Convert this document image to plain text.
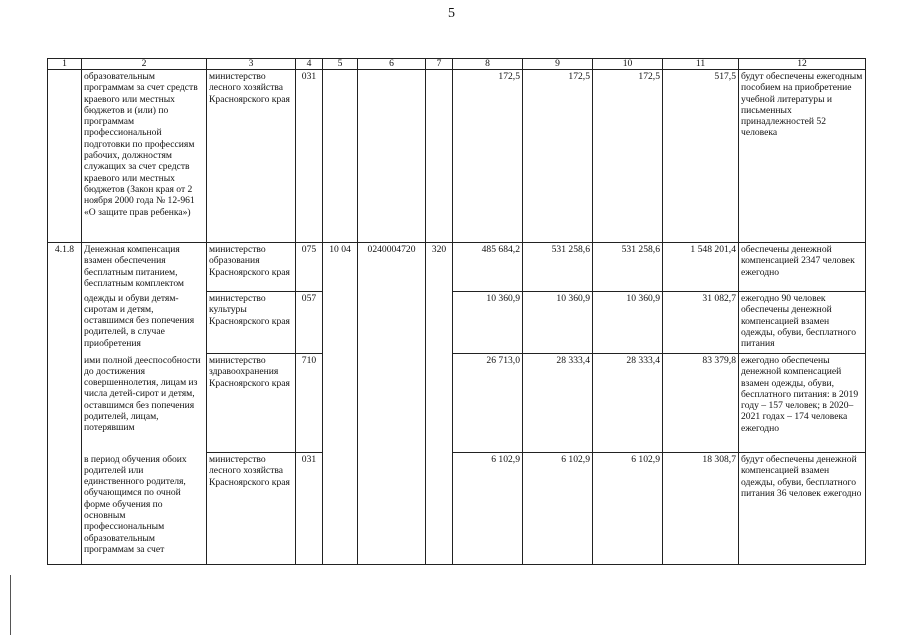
5
1	2	3	4	5	6	7	8	9	10	11	12
	образовательным программам за счет средств краевого или местных бюджетов и (или) по программам профессиональной подготовки по профессиям рабочих, должностям служащих за счет средств краевого или местных бюджетов (Закон края от 2 ноября 2000 года № 12-961 «О защите прав ребенка»)	министерство лесного хозяйства Красноярского края	031				172,5	172,5	172,5	517,5	будут обеспечены ежегодным пособием на приобретение учебной литературы и письменных принадлежностей 52 человека
4.1.8	Денежная компенсация взамен обеспечения бесплатным питанием, бесплатным комплектом	министерство образования Красноярского края	075	10 04	0240004720	320	485 684,2	531 258,6	531 258,6	1 548 201,4	обеспечены денежной компенсацией 2347 человек ежегодно
	одежды и обуви детям-сиротам и детям, оставшимся без попечения родителей, в случае приобретения	министерство культуры Красноярского края	057				10 360,9	10 360,9	10 360,9	31 082,7	ежегодно 90 человек обеспечены денежной компенсацией взамен одежды, обуви, бесплатного питания
	ими полной дееспособности до достижения совершеннолетия, лицам из числа детей-сирот и детям, оставшимся без попечения родителей, лицам, потерявшим	министерство здравоохранения Красноярского края	710				26 713,0	28 333,4	28 333,4	83 379,8	ежегодно обеспечены денежной компенсацией взамен одежды, обуви, бесплатного питания: в 2019 году – 157 человек; в 2020–2021 годах – 174 человека ежегодно
	в период обучения обоих родителей или единственного родителя, обучающимся по очной форме обучения по основным профессиональным образовательным программам за счет	министерство лесного хозяйства Красноярского края	031				6 102,9	6 102,9	6 102,9	18 308,7	будут обеспечены денежной компенсацией взамен одежды, обуви, бесплатного питания 36 человек ежегодно
